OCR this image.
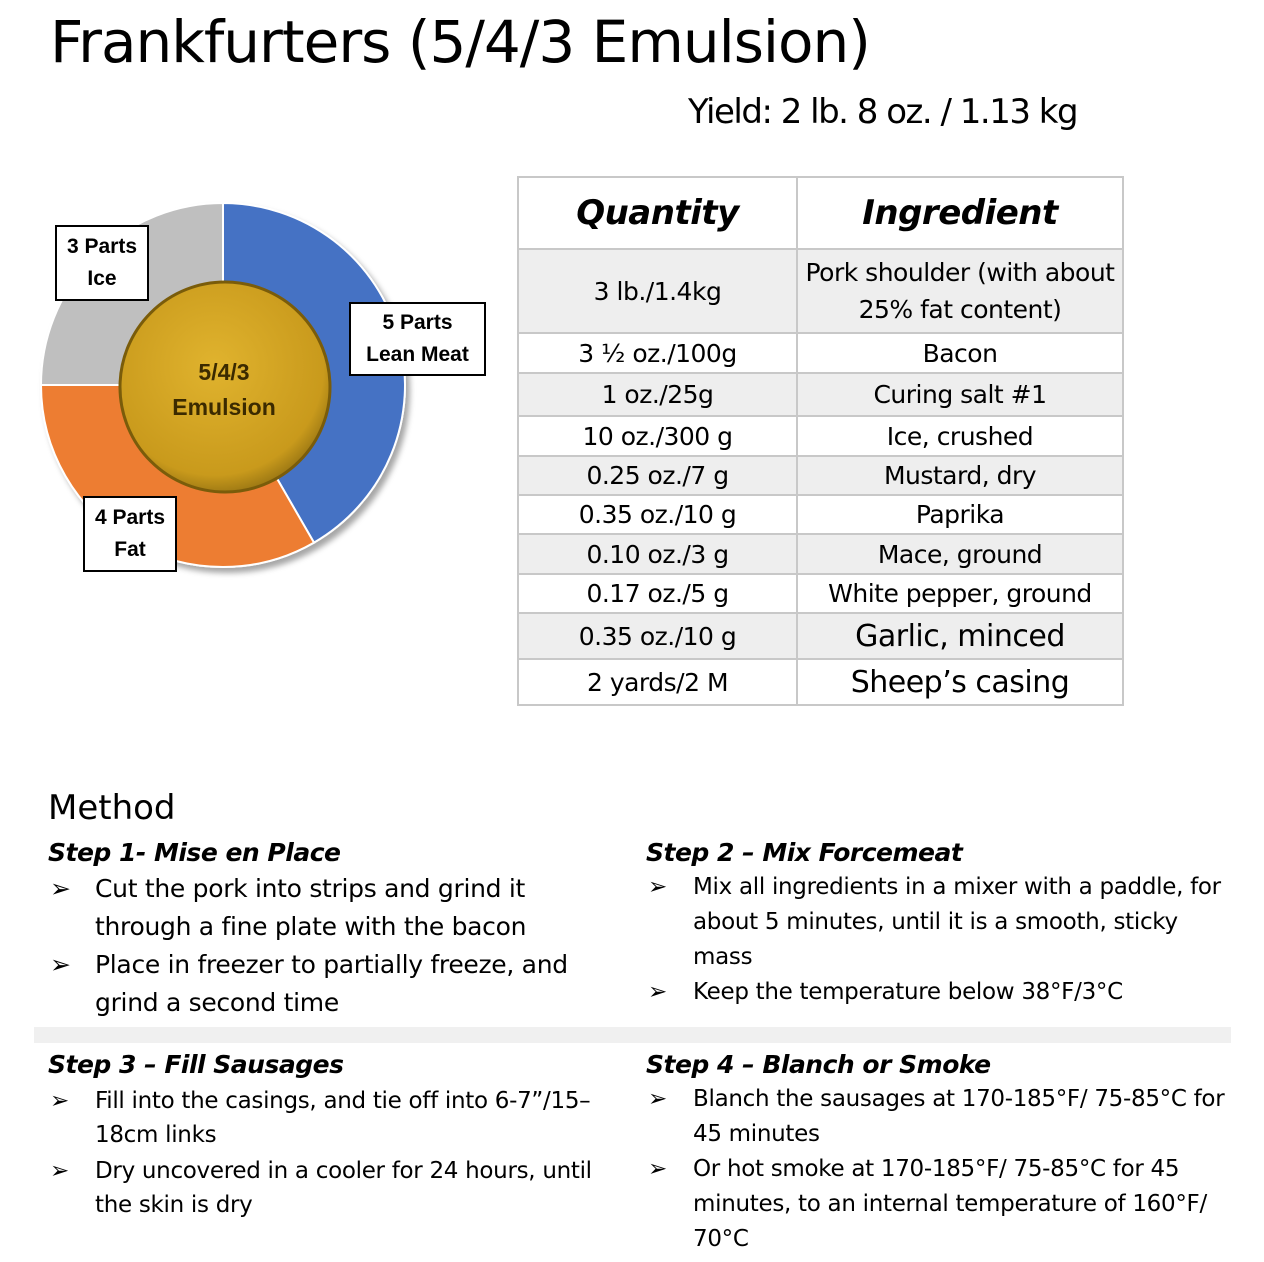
Frankfurters (5/4/3 Emulsion)
Yield: 2 lb. 8 oz. / 1.13 kg
5/4/3
Emulsion
5 Parts
Lean Meat
4 Parts
Fat
3 Parts
Ice
Quantity	Ingredient
3 lb./1.4kg	Pork shoulder (with about 25% fat content)
3 ½ oz./100g	Bacon
1 oz./25g	Curing salt #1
10 oz./300 g	Ice, crushed
0.25 oz./7 g	Mustard, dry
0.35 oz./10 g	Paprika
0.10 oz./3 g	Mace, ground
0.17 oz./5 g	White pepper, ground
0.35 oz./10 g	Garlic, minced
2 yards/2 M	Sheep’s casing
Method
Step 1- Mise en Place
➢ Cut the pork into strips and grind it through a fine plate with the bacon
➢ Place in freezer to partially freeze, and grind a second time
Step 2 – Mix Forcemeat
➢ Mix all ingredients in a mixer with a paddle, for about 5 minutes, until it is a smooth, sticky mass
➢ Keep the temperature below 38°F/3°C
Step 3 – Fill Sausages
➢ Fill into the casings, and tie off into 6-7”/15–18cm links
➢ Dry uncovered in a cooler for 24 hours, until the skin is dry
Step 4 – Blanch or Smoke
➢ Blanch the sausages at 170-185°F/ 75-85°C for 45 minutes
➢ Or hot smoke at 170-185°F/ 75-85°C for 45 minutes, to an internal temperature of 160°F/ 70°C
